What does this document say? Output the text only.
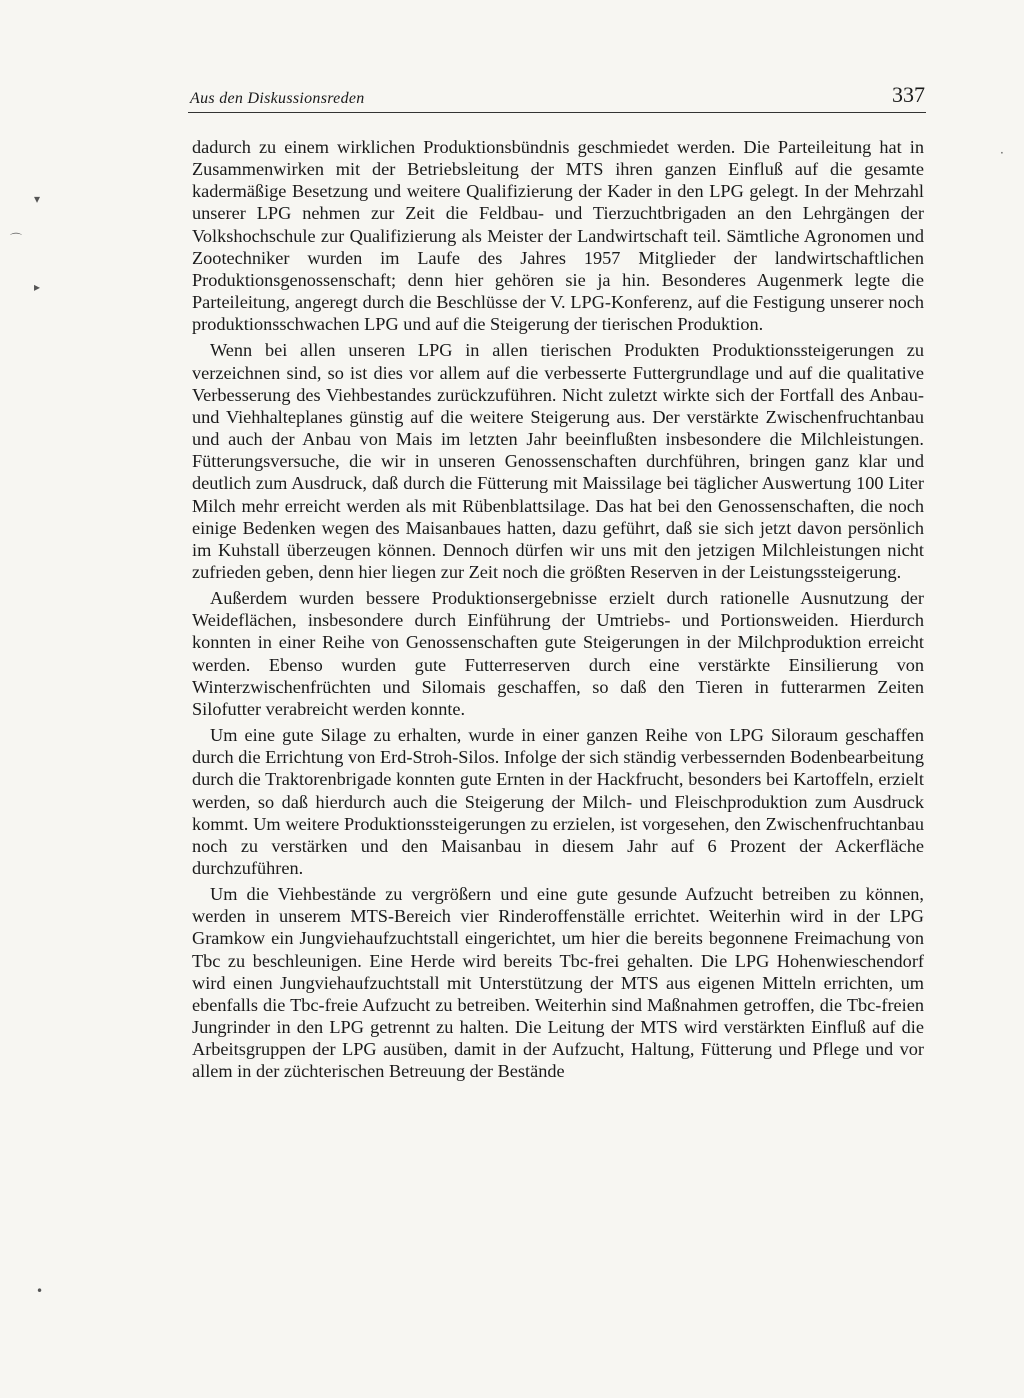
Aus den Diskussionsreden	337

dadurch zu einem wirklichen Produktionsbündnis geschmiedet werden. Die Parteileitung hat in Zusammenwirken mit der Betriebsleitung der MTS ihren ganzen Einfluß auf die gesamte kadermäßige Besetzung und weitere Qualifizierung der Kader in den LPG gelegt. In der Mehrzahl unserer LPG nehmen zur Zeit die Feldbau- und Tierzuchtbrigaden an den Lehrgängen der Volkshochschule zur Qualifizierung als Meister der Landwirtschaft teil. Sämtliche Agronomen und Zootechniker wurden im Laufe des Jahres 1957 Mitglieder der landwirtschaftlichen Produktionsgenossenschaft; denn hier gehören sie ja hin. Besonderes Augenmerk legte die Parteileitung, angeregt durch die Beschlüsse der V. LPG-Konferenz, auf die Festigung unserer noch produktionsschwachen LPG und auf die Steigerung der tierischen Produktion.

Wenn bei allen unseren LPG in allen tierischen Produkten Produktionssteigerungen zu verzeichnen sind, so ist dies vor allem auf die verbesserte Futtergrundlage und auf die qualitative Verbesserung des Viehbestandes zurückzuführen. Nicht zuletzt wirkte sich der Fortfall des Anbau- und Viehhalteplanes günstig auf die weitere Steigerung aus. Der verstärkte Zwischenfruchtanbau und auch der Anbau von Mais im letzten Jahr beeinflußten insbesondere die Milchleistungen. Fütterungsversuche, die wir in unseren Genossenschaften durchführen, bringen ganz klar und deutlich zum Ausdruck, daß durch die Fütterung mit Maissilage bei täglicher Auswertung 100 Liter Milch mehr erreicht werden als mit Rübenblattsilage. Das hat bei den Genossenschaften, die noch einige Bedenken wegen des Maisanbaues hatten, dazu geführt, daß sie sich jetzt davon persönlich im Kuhstall überzeugen können. Dennoch dürfen wir uns mit den jetzigen Milchleistungen nicht zufrieden geben, denn hier liegen zur Zeit noch die größten Reserven in der Leistungssteigerung.

Außerdem wurden bessere Produktionsergebnisse erzielt durch rationelle Ausnutzung der Weideflächen, insbesondere durch Einführung der Umtriebs- und Portionsweiden. Hierdurch konnten in einer Reihe von Genossenschaften gute Steigerungen in der Milchproduktion erreicht werden. Ebenso wurden gute Futterreserven durch eine verstärkte Einsilierung von Winterzwischenfrüchten und Silomais geschaffen, so daß den Tieren in futterarmen Zeiten Silofutter verabreicht werden konnte.

Um eine gute Silage zu erhalten, wurde in einer ganzen Reihe von LPG Siloraum geschaffen durch die Errichtung von Erd-Stroh-Silos. Infolge der sich ständig verbessernden Bodenbearbeitung durch die Traktorenbrigade konnten gute Ernten in der Hackfrucht, besonders bei Kartoffeln, erzielt werden, so daß hierdurch auch die Steigerung der Milch- und Fleischproduktion zum Ausdruck kommt. Um weitere Produktionssteigerungen zu erzielen, ist vorgesehen, den Zwischenfruchtanbau noch zu verstärken und den Maisanbau in diesem Jahr auf 6 Prozent der Ackerfläche durchzuführen.

Um die Viehbestände zu vergrößern und eine gute gesunde Aufzucht betreiben zu können, werden in unserem MTS-Bereich vier Rinderoffenställe errichtet. Weiterhin wird in der LPG Gramkow ein Jungviehaufzuchtstall eingerichtet, um hier die bereits begonnene Freimachung von Tbc zu beschleunigen. Eine Herde wird bereits Tbc-frei gehalten. Die LPG Hohenwieschendorf wird einen Jungviehaufzuchtstall mit Unterstützung der MTS aus eigenen Mitteln errichten, um ebenfalls die Tbc-freie Aufzucht zu betreiben. Weiterhin sind Maßnahmen getroffen, die Tbc-freien Jungrinder in den LPG getrennt zu halten. Die Leitung der MTS wird verstärkten Einfluß auf die Arbeitsgruppen der LPG ausüben, damit in der Aufzucht, Haltung, Fütterung und Pflege und vor allem in der züchterischen Betreuung der Bestände

▾
⌒
▸
•
·
